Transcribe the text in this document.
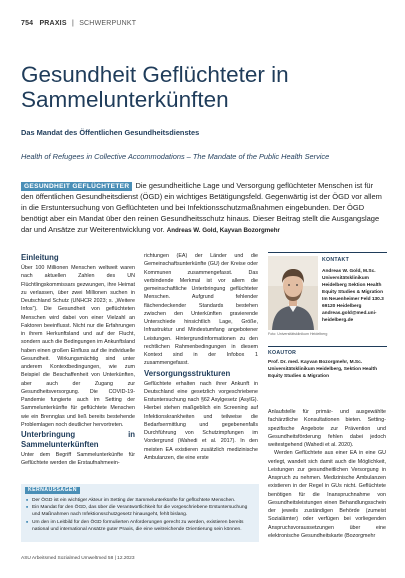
754 PRAXIS | SCHWERPUNKT
Gesundheit Geflüchteter in Sammelunterkünften
Das Mandat des Öffentlichen Gesundheitsdienstes
Health of Refugees in Collective Accommodations – The Mandate of the Public Health Service
GESUNDHEIT GEFLÜCHTETER Die gesundheitliche Lage und Versorgung geflüchteter Menschen ist für den öffentlichen Gesundheitsdienst (ÖGD) ein wichtiges Betätigungsfeld. Gegenwärtig ist der ÖGD vor allem in die Erstuntersuchung von Geflüchteten und bei Infektionsschutzmaßnahmen eingebunden. Der ÖGD benötigt aber ein Mandat über den reinen Gesundheitsschutz hinaus. Dieser Beitrag stellt die Ausgangslage dar und Ansätze zur Weiterentwicklung vor. Andreas W. Gold, Kayvan Bozorgmehr
Einleitung

Über 100 Millionen Menschen weltweit waren nach aktuellen Zahlen des UN Flüchtlingskommissars gezwungen, ihre Heimat zu verlassen, über zwei Millionen suchen in Deutschland Schutz (UNHCR 2023; s. „Weitere Infos“). Die Gesundheit von geflüchteten Menschen wird dabei von einer Vielzahl an Faktoren beeinflusst. Nicht nur die Erfahrungen in ihrem Herkunftsland und auf der Flucht, sondern auch die Bedingungen im Ankunftsland haben einen großen Einfluss auf die individuelle Gesundheit. Wirkungsmächtig sind unter anderem Kontextbedingungen, wie zum Beispiel die Beschaffenheit von Unterkünften, aber auch der Zugang zur Gesundheitsversorgung. Die COVID-19-Pandemie fungierte auch im Setting der Sammelunterkünfte für geflüchtete Menschen wie ein Brennglas und ließ bereits bestehende Problemlagen noch deutlicher hervortreten.

Unterbringung in Sammelunterkünften

Unter dem Begriff Sammelunterkünfte für Geflüchtete werden die Erstaufnahmeein-

richtungen (EA) der Länder und die Gemeinschaftsunterkünfte (GU) der Kreise oder Kommunen zusammengefasst. Das verbindende Merkmal ist vor allem die gemeinschaftliche Unterbringung geflüchteter Menschen. Aufgrund fehlender flächendeckender Standards bestehen zwischen den Unterkünften gravierende Unterschiede hinsichtlich Lage, Größe, Infrastruktur und Mindestumfang angebotener Leistungen. Hintergrundinformationen zu den rechtlichen Rahmenbedingungen in diesem Kontext sind in der Infobox 1 zusammengefasst.

Versorgungsstrukturen

Geflüchtete erhalten nach ihrer Ankunft in Deutschland eine gesetzlich vorgeschriebene Erstuntersuchung nach §62 Asylgesetz (AsylG). Hierbei stehen maßgeblich ein Screening auf Infektionskrankheiten und teilweise die Bedarfsermittlung und gegebenenfalls Durchführung von Schutzimpfungen im Vordergrund (Wahedi et al. 2017). In den meisten EA existieren zusätzlich medizinische Ambulanzen, die eine erste

Foto: Universitätsklinikum Heidelberg
KONTAKT
Andreas W. Gold, M.Sc.
Universitätsklinikum Heidelberg Sektion Health Equity Studies & Migration
Im Neuenheimer Feld 130.3 69120 Heidelberg
andreas.gold@med.uni-heidelberg.de
KOAUTOR
Prof. Dr. med. Kayvan Bozorgmehr, M.Sc. Universitätsklinikum Heidelberg, Sektion Health Equity Studies & Migration

Anlaufstelle für primär- und ausgewählte fachärztliche Konsultationen bieten. Setting-spezifische Angebote zur Prävention und Gesundheitsförderung fehlen dabei jedoch weitestgehend (Wahedi et al. 2020).

Werden Geflüchtete aus einer EA in eine GU verlegt, wandelt sich damit auch die Möglichkeit, Leistungen zur gesundheitlichen Versorgung in Anspruch zu nehmen. Medizinische Ambulanzen existieren in der Regel in GUs nicht. Geflüchtete benötigen für die Inanspruchnahme von Gesundheitsleistungen einen Behandlungsschein der jeweils zuständigen Behörde (zumeist Sozialämter) oder verfügen bei vorliegenden Anspruchsvoraussetzungen über eine elektronische Gesundheitskarte (Bozorgmehr

KERNAUSSAGEN
■ Der ÖGD ist ein wichtiger Akteur im Setting der Sammelunterkünfte für geflüchtete Menschen.
■ Ein Mandat für den ÖGD, das über die Verantwortlichkeit für die vorgeschriebene Erstuntersuchung und Maßnahmen nach Infektionsschutzgesetz hinausgeht, fehlt bislang.
■ Um den im Leitbild für den ÖGD formulierten Anforderungen gerecht zu werden, existieren bereits national und international Ansätze guter Praxis, die eine weitreichende Orientierung sein können.
ASU Arbeitsmed Sozialmed Umweltmed 58 | 12.2023
